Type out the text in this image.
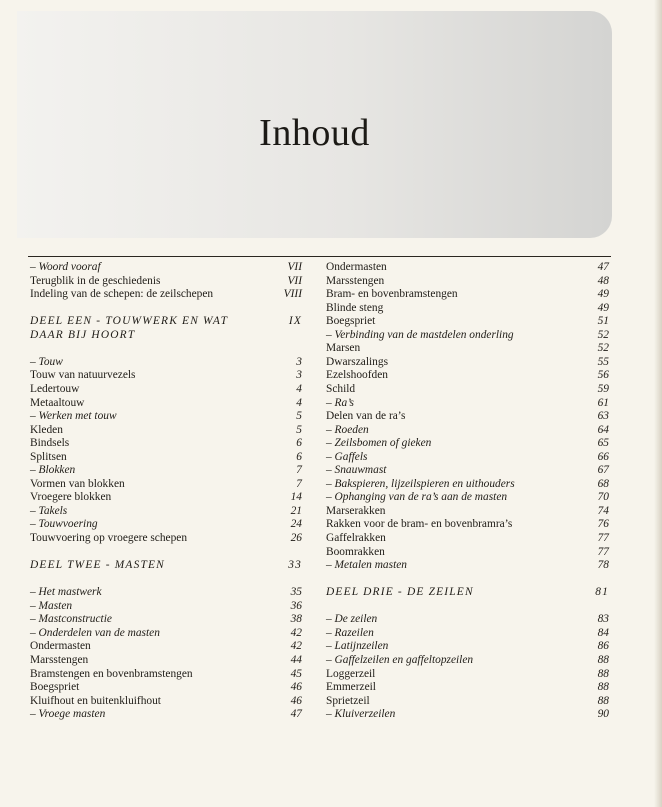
Inhoud
– Woord vooraf	VII
Terugblik in de geschiedenis	VII
Indeling van de schepen: de zeilschepen	VIII
DEEL EEN - TOUWWERK EN WAT	IX
DAAR BIJ HOORT
– Touw	3
Touw van natuurvezels	3
Ledertouw	4
Metaaltouw	4
– Werken met touw	5
Kleden	5
Bindsels	6
Splitsen	6
– Blokken	7
Vormen van blokken	7
Vroegere blokken	14
– Takels	21
– Touwvoering	24
Touwvoering op vroegere schepen	26
DEEL TWEE - MASTEN	33
– Het mastwerk	35
– Masten	36
– Mastconstructie	38
– Onderdelen van de masten	42
Ondermasten	42
Marsstengen	44
Bramstengen en bovenbramstengen	45
Boegspriet	46
Kluifhout en buitenkluifhout	46
– Vroege masten	47
Ondermasten	47
Marsstengen	48
Bram- en bovenbramstengen	49
Blinde steng	49
Boegspriet	51
– Verbinding van de mastdelen onderling	52
Marsen	52
Dwarszalings	55
Ezelshoofden	56
Schild	59
– Ra’s	61
Delen van de ra’s	63
– Roeden	64
– Zeilsbomen of gieken	65
– Gaffels	66
– Snauwmast	67
– Bakspieren, lijzeilspieren en uithouders	68
– Ophanging van de ra’s aan de masten	70
Marserakken	74
Rakken voor de bram- en bovenbramra’s	76
Gaffelrakken	77
Boomrakken	77
– Metalen masten	78
DEEL DRIE - DE ZEILEN	81
– De zeilen	83
– Razeilen	84
– Latijnzeilen	86
– Gaffelzeilen en gaffeltopzeilen	88
Loggerzeil	88
Emmerzeil	88
Sprietzeil	88
– Kluiverzeilen	90
